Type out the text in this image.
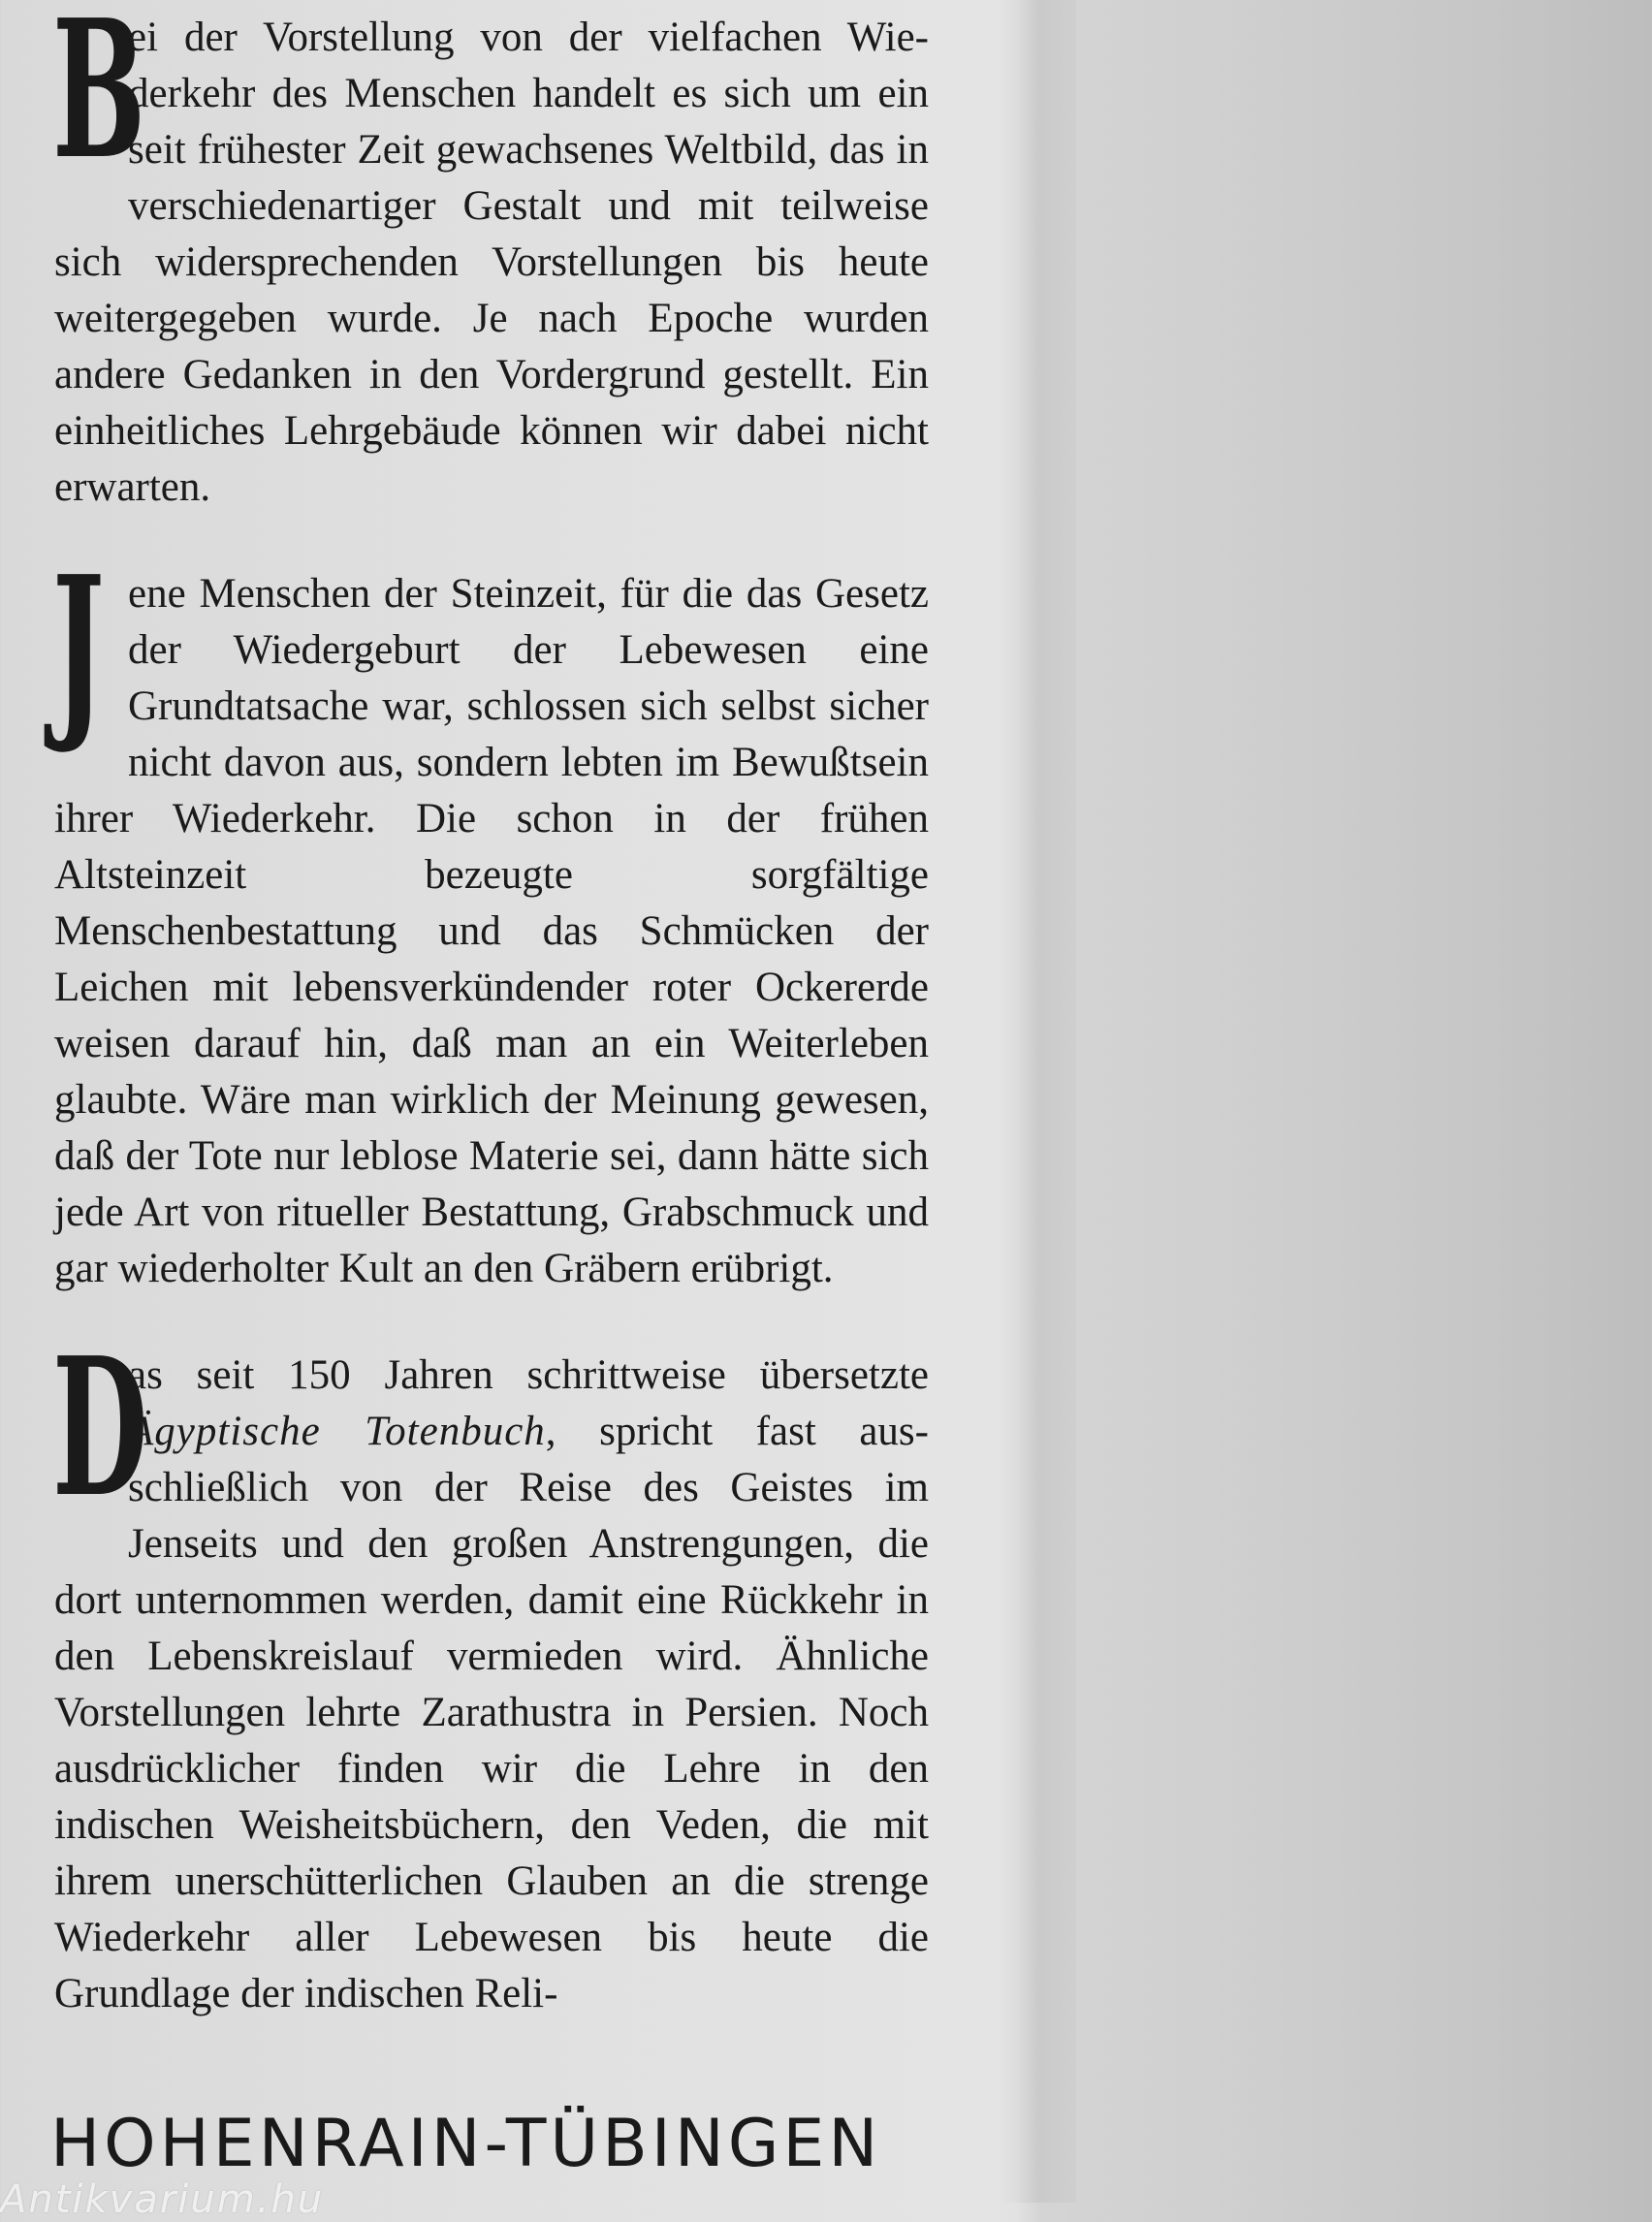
B
ei der Vorstellung von der vielfachen Wiederkehr des Menschen handelt es sich um ein seit frühester Zeit gewachsenes Weltbild, das in verschiedenartiger Gestalt und mit teilweise sich widersprechenden Vorstellungen bis heute weitergegeben wurde. Je nach Epoche wurden andere Gedanken in den Vordergrund gestellt. Ein einheitliches Lehrgebäude können wir dabei nicht erwarten.

Jene Menschen der Steinzeit, für die das Gesetz der Wiedergeburt der Lebewesen eine Grundtatsache war, schlossen sich selbst sicher nicht davon aus, sondern lebten im Bewußtsein ihrer Wiederkehr. Die schon in der frühen Altsteinzeit bezeugte sorgfältige Menschenbestattung und das Schmücken der Leichen mit lebensverkündender roter Ockererde weisen darauf hin, daß man an ein Weiterleben glaubte. Wäre man wirklich der Meinung gewesen, daß der Tote nur leblose Materie sei, dann hätte sich jede Art von ritueller Bestattung, Grabschmuck und gar wiederholter Kult an den Gräbern erübrigt.

D
as seit 150 Jahren schrittweise übersetzte Ägyptische Totenbuch, spricht fast ausschließlich von der Reise des Geistes im Jenseits und den großen Anstrengungen, die dort unternommen werden, damit eine Rückkehr in den Lebenskreislauf vermieden wird. Ähnliche Vorstellungen lehrte Zarathustra in Persien. Noch ausdrücklicher finden wir die Lehre in den indischen Weisheitsbüchern, den Veden, die mit ihrem unerschütterlichen Glauben an die strenge Wiederkehr aller Lebewesen bis heute die Grundlage der indischen Reli-

HOHENRAIN-TÜBINGEN
Antikvarium.hu
